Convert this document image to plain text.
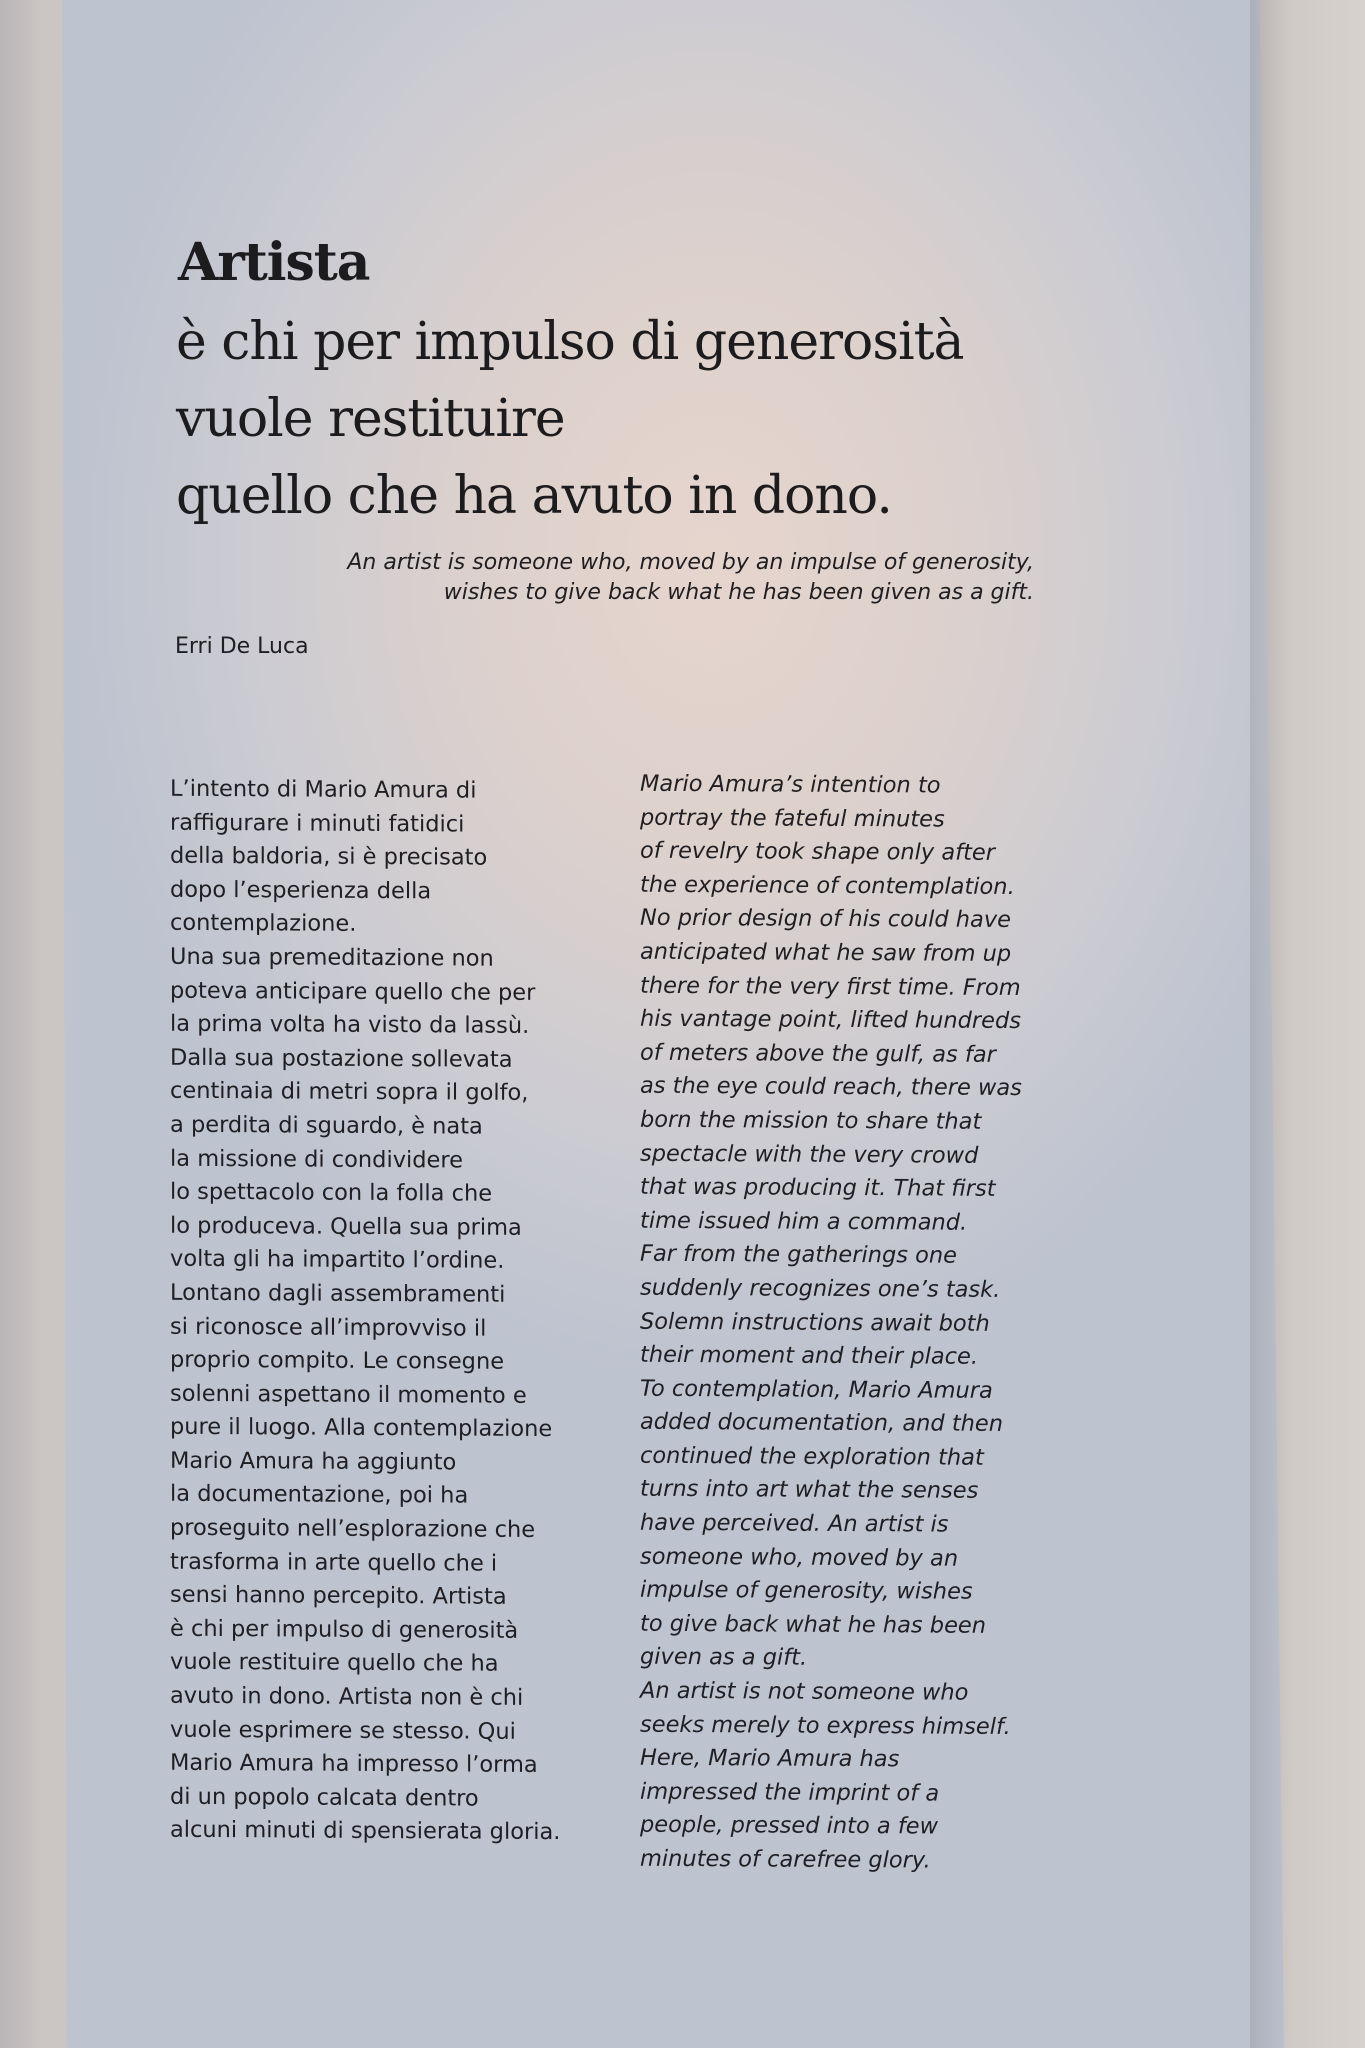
Artista
è chi per impulso di generosità
vuole restituire
quello che ha avuto in dono.
An artist is someone who, moved by an impulse of generosity,
wishes to give back what he has been given as a gift.

Erri De Luca

L’intento di Mario Amura di
raffigurare i minuti fatidici
della baldoria, si è precisato
dopo l’esperienza della
contemplazione.
Una sua premeditazione non
poteva anticipare quello che per
la prima volta ha visto da lassù.
Dalla sua postazione sollevata
centinaia di metri sopra il golfo,
a perdita di sguardo, è nata
la missione di condividere
lo spettacolo con la folla che
lo produceva. Quella sua prima
volta gli ha impartito l’ordine.
Lontano dagli assembramenti
si riconosce all’improvviso il
proprio compito. Le consegne
solenni aspettano il momento e
pure il luogo. Alla contemplazione
Mario Amura ha aggiunto
la documentazione, poi ha
proseguito nell’esplorazione che
trasforma in arte quello che i
sensi hanno percepito. Artista
è chi per impulso di generosità
vuole restituire quello che ha
avuto in dono. Artista non è chi
vuole esprimere se stesso. Qui
Mario Amura ha impresso l’orma
di un popolo calcata dentro
alcuni minuti di spensierata gloria.
Mario Amura’s intention to
portray the fateful minutes
of revelry took shape only after
the experience of contemplation.
No prior design of his could have
anticipated what he saw from up
there for the very first time. From
his vantage point, lifted hundreds
of meters above the gulf, as far
as the eye could reach, there was
born the mission to share that
spectacle with the very crowd
that was producing it. That first
time issued him a command.
Far from the gatherings one
suddenly recognizes one’s task.
Solemn instructions await both
their moment and their place.
To contemplation, Mario Amura
added documentation, and then
continued the exploration that
turns into art what the senses
have perceived. An artist is
someone who, moved by an
impulse of generosity, wishes
to give back what he has been
given as a gift.
An artist is not someone who
seeks merely to express himself.
Here, Mario Amura has
impressed the imprint of a
people, pressed into a few
minutes of carefree glory.
